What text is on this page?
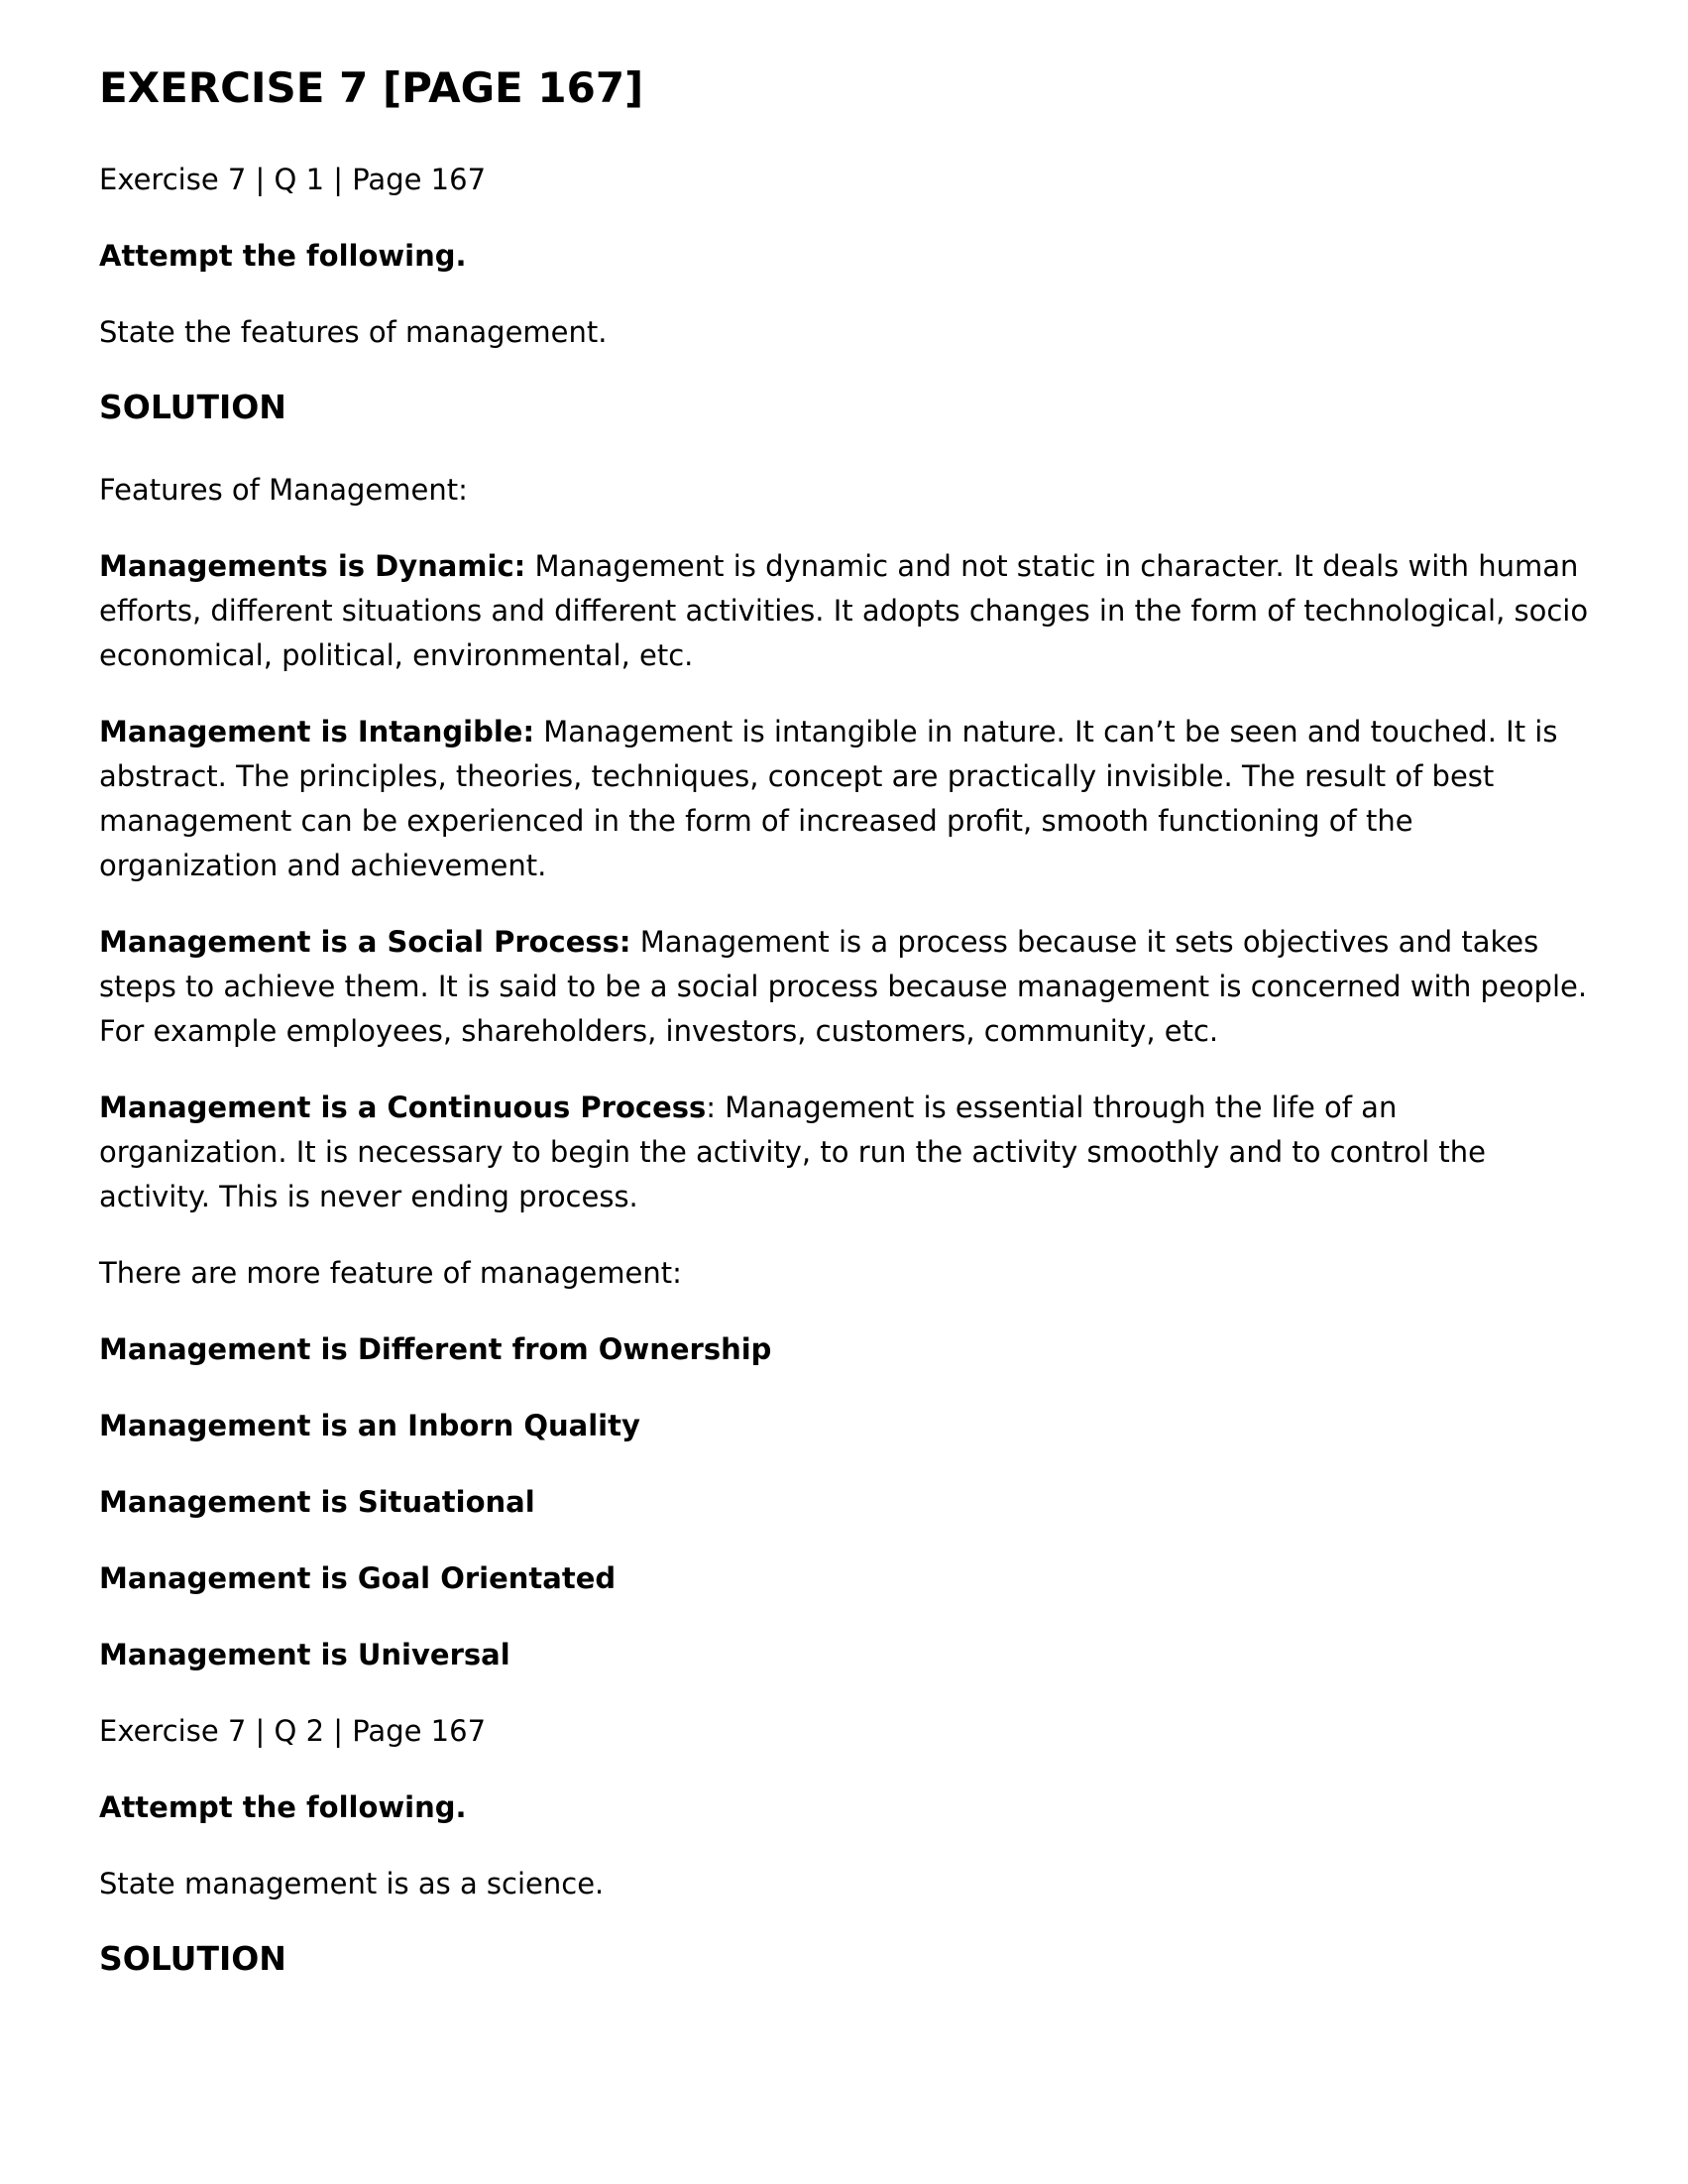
EXERCISE 7 [PAGE 167]

Exercise 7 | Q 1 | Page 167

Attempt the following.

State the features of management.

SOLUTION

Features of Management:

Managements is Dynamic: Management is dynamic and not static in character. It deals with human efforts, different situations and different activities. It adopts changes in the form of technological, socio economical, political, environmental, etc.

Management is Intangible: Management is intangible in nature. It can’t be seen and touched. It is abstract. The principles, theories, techniques, concept are practically invisible. The result of best management can be experienced in the form of increased profit, smooth functioning of the organization and achievement.

Management is a Social Process: Management is a process because it sets objectives and takes steps to achieve them. It is said to be a social process because management is concerned with people. For example employees, shareholders, investors, customers, community, etc.

Management is a Continuous Process: Management is essential through the life of an organization. It is necessary to begin the activity, to run the activity smoothly and to control the activity. This is never ending process.

There are more feature of management:

Management is Different from Ownership

Management is an Inborn Quality

Management is Situational

Management is Goal Orientated

Management is Universal

Exercise 7 | Q 2 | Page 167

Attempt the following.

State management is as a science.

SOLUTION
